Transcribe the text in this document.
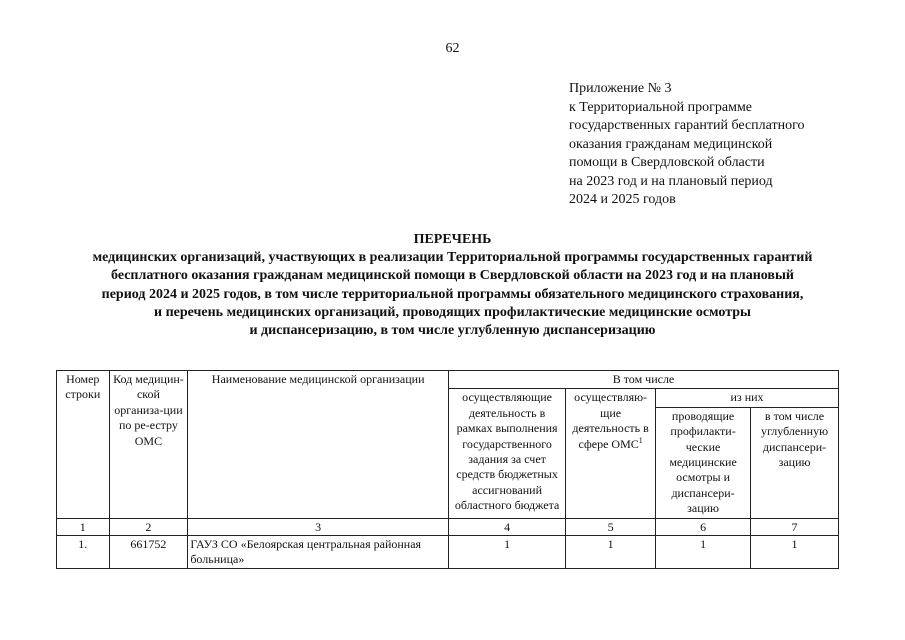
62
Приложение № 3
к Территориальной программе
государственных гарантий бесплатного
оказания гражданам медицинской
помощи в Свердловской области
на 2023 год и на плановый период
2024 и 2025 годов
ПЕРЕЧЕНЬ
медицинских организаций, участвующих в реализации Территориальной программы государственных гарантий
бесплатного оказания гражданам медицинской помощи в Свердловской области на 2023 год и на плановый
период 2024 и 2025 годов, в том числе территориальной программы обязательного медицинского страхования,
и перечень медицинских организаций, проводящих профилактические медицинские осмотры
и диспансеризацию, в том числе углубленную диспансеризацию
Номер строки	Код медицин-ской организа-ции по ре-естру ОМС	Наименование медицинской организации	В том числе			
			осуществляющие деятельность в рамках выполнения государственного задания за счет средств бюджетных ассигнований областного бюджета	осуществляю-щие деятельность в сфере ОМС$^1$	из них	
					проводящие профилакти-ческие медицинские осмотры и диспансери-зацию	в том числе углубленную диспансери-зацию
1	2	3	4	5	6	7
1.	661752	ГАУЗ СО «Белоярская центральная районная больница»	1	1	1	1
